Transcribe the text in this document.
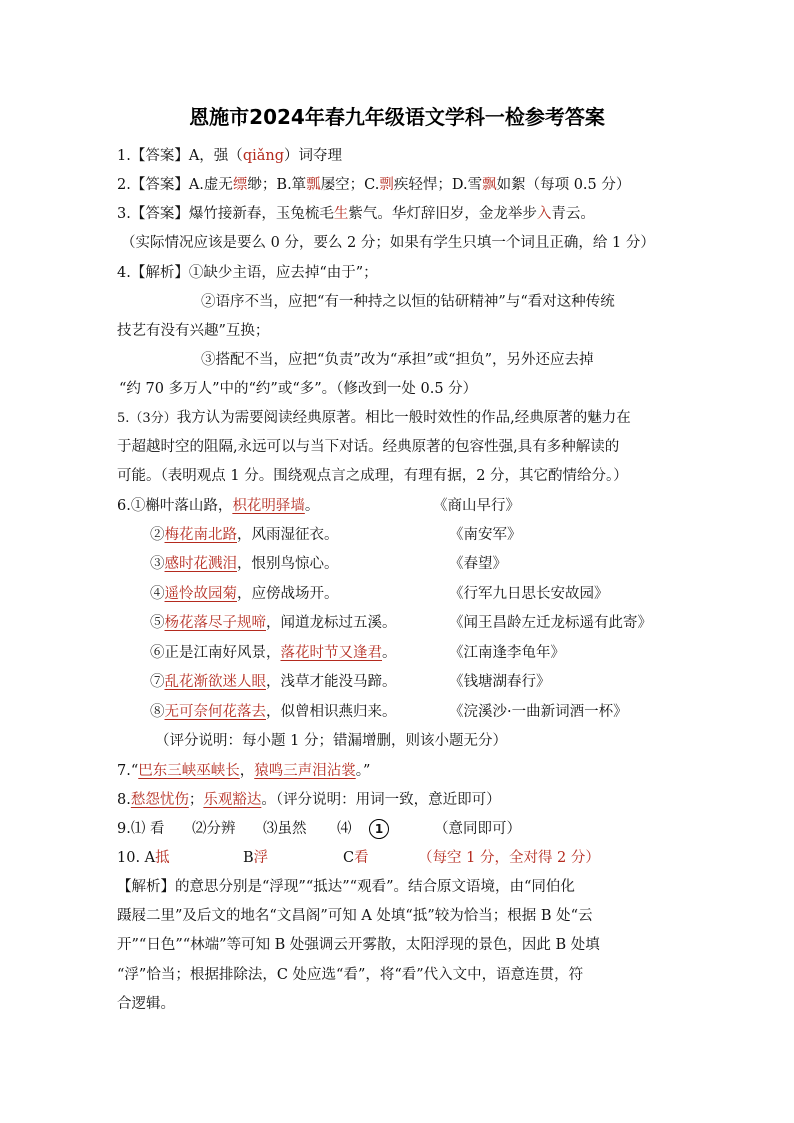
恩施市2024年春九年级语文学科一检参考答案
1.【答案】A，强（qiǎng）词夺理
2.【答案】A.虚无缥缈；B.箪瓢屡空；C.剽疾轻悍；D.雪飘如絮（每项 0.5 分）
3.【答案】爆竹接新春，玉兔梳毛生紫气。华灯辞旧岁，金龙举步入青云。
（实际情况应该是要么 0 分，要么 2 分；如果有学生只填一个词且正确，给 1 分）
4.【解析】①缺少主语，应去掉“由于”；
②语序不当，应把“有一种持之以恒的钻研精神”与“看对这种传统
技艺有没有兴趣”互换；
③搭配不当，应把“负责”改为“承担”或“担负”，另外还应去掉
“约 70 多万人”中的“约”或“多”。（修改到一处 0.5 分）
5.（3分）我方认为需要阅读经典原著。相比一般时效性的作品,经典原著的魅力在
于超越时空的阻隔,永远可以与当下对话。经典原著的包容性强,具有多种解读的
可能。（表明观点 1 分。围绕观点言之成理，有理有据，2 分，其它酌情给分。）
6.①槲叶落山路，枳花明驿墙。	《商山早行》
②梅花南北路，风雨湿征衣。	《南安军》
③感时花溅泪，恨别鸟惊心。	《春望》
④遥怜故园菊，应傍战场开。	《行军九日思长安故园》
⑤杨花落尽子规啼，闻道龙标过五溪。	《闻王昌龄左迁龙标遥有此寄》
⑥正是江南好风景，落花时节又逢君。	《江南逢李龟年》
⑦乱花渐欲迷人眼，浅草才能没马蹄。	《钱塘湖春行》
⑧无可奈何花落去，似曾相识燕归来。	《浣溪沙·一曲新词酒一杯》
（评分说明：每小题 1 分；错漏增删，则该小题无分）
7.“巴东三峡巫峡长，猿鸣三声泪沾裳。”
8.愁怨忧伤；乐观豁达。（评分说明：用词一致，意近即可）
9.⑴ 看 ⑵分辨 ⑶虽然 ⑷	1	（意同即可）
10. A抵	B浮	C看	（每空 1 分，全对得 2 分）
【解析】的意思分别是“浮现”“抵达”“观看”。结合原文语境，由“同伯化
蹑屐二里”及后文的地名“文昌阁”可知 A 处填“抵”较为恰当；根据 B 处“云
开”“日色”“林端”等可知 B 处强调云开雾散，太阳浮现的景色，因此 B 处填
“浮”恰当；根据排除法，C 处应选“看”，将“看”代入文中，语意连贯，符
合逻辑。
